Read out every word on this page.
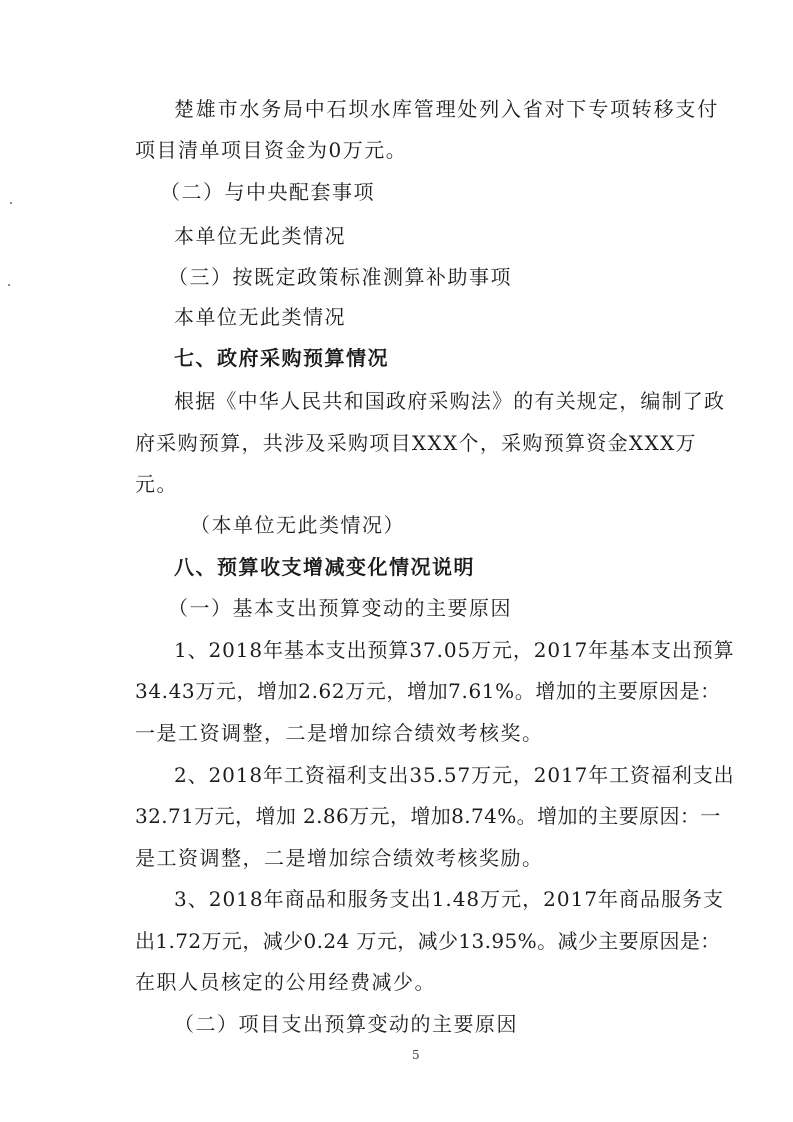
楚雄市水务局中石坝水库管理处列入省对下专项转移支付

项目清单项目资金为0万元。

（二）与中央配套事项

本单位无此类情况

（三）按既定政策标准测算补助事项

本单位无此类情况

七、政府采购预算情况

根据《中华人民共和国政府采购法》的有关规定，编制了政

府采购预算，共涉及采购项目XXX个，采购预算资金XXX万

元。

（本单位无此类情况）

八、预算收支增减变化情况说明

（一）基本支出预算变动的主要原因

1、2018年基本支出预算37.05万元，2017年基本支出预算

34.43万元，增加2.62万元，增加7.61%。增加的主要原因是：

一是工资调整，二是增加综合绩效考核奖。

2、2018年工资福利支出35.57万元，2017年工资福利支出

32.71万元，增加 2.86万元，增加8.74%。增加的主要原因：一

是工资调整，二是增加综合绩效考核奖励。

3、2018年商品和服务支出1.48万元，2017年商品服务支

出1.72万元，减少0.24 万元，减少13.95%。减少主要原因是：

在职人员核定的公用经费减少。

（二）项目支出预算变动的主要原因

5
